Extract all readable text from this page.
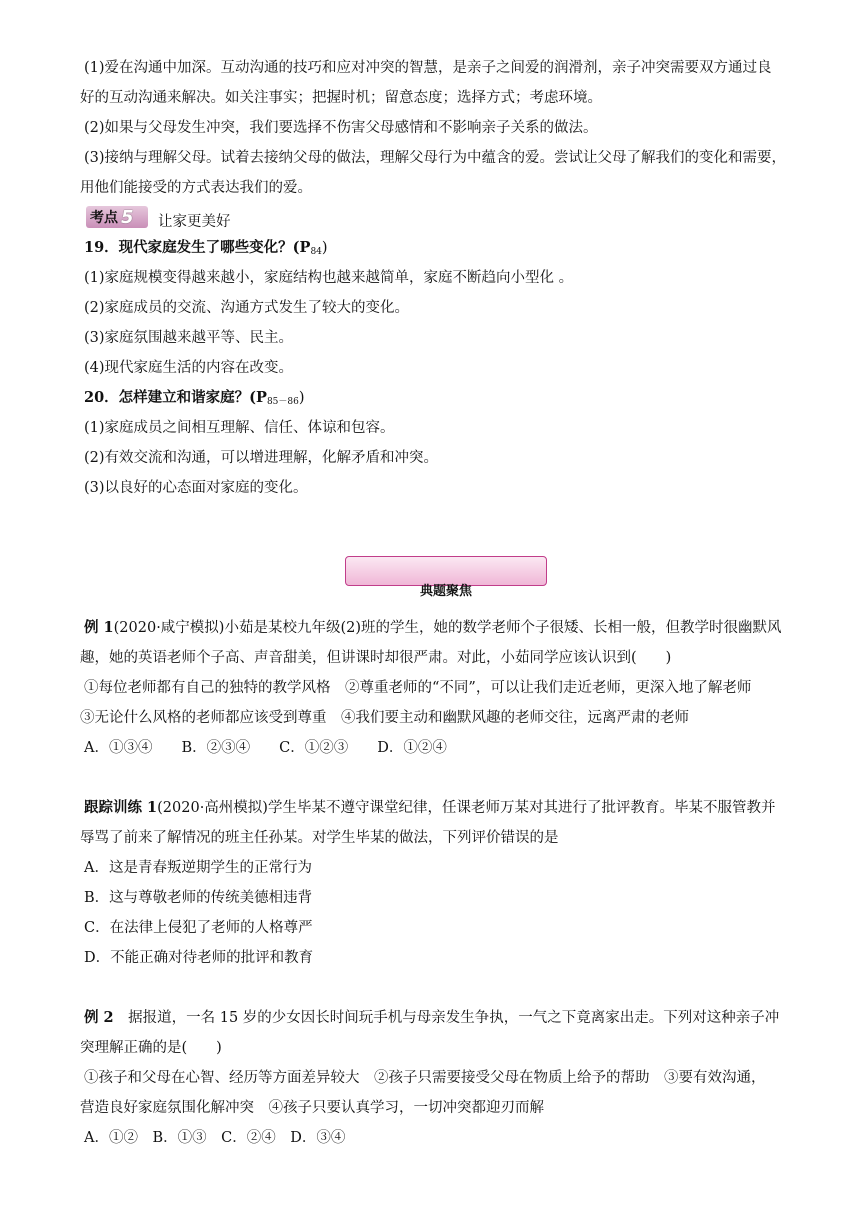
(1)爱在沟通中加深。互动沟通的技巧和应对冲突的智慧，是亲子之间爱的润滑剂，亲子冲突需要双方通过良
好的互动沟通来解决。如关注事实；把握时机；留意态度；选择方式；考虑环境。
(2)如果与父母发生冲突，我们要选择不伤害父母感情和不影响亲子关系的做法。
(3)接纳与理解父母。试着去接纳父母的做法，理解父母行为中蕴含的爱。尝试让父母了解我们的变化和需要，
用他们能接受的方式表达我们的爱。
考点 5 让家更美好
19．现代家庭发生了哪些变化？$(P_{84})$
(1)家庭规模变得越来越小，家庭结构也越来越简单，家庭不断趋向小型化 。
(2)家庭成员的交流、沟通方式发生了较大的变化。
(3)家庭氛围越来越平等、民主。
(4)现代家庭生活的内容在改变。
20．怎样建立和谐家庭？$(P_{85-86})$
(1)家庭成员之间相互理解、信任、体谅和包容。
(2)有效交流和沟通，可以增进理解，化解矛盾和冲突。
(3)以良好的心态面对家庭的变化。
典题聚焦
例 1(2020·咸宁模拟)小茹是某校九年级(2)班的学生，她的数学老师个子很矮、长相一般，但教学时很幽默风
趣，她的英语老师个子高、声音甜美，但讲课时却很严肃。对此，小茹同学应该认识到(　　)
①每位老师都有自己的独特的教学风格　②尊重老师的“不同”，可以让我们走近老师，更深入地了解老师
③无论什么风格的老师都应该受到尊重　④我们要主动和幽默风趣的老师交往，远离严肃的老师
A．①③④　　B．②③④　　C．①②③　　D．①②④
跟踪训练 1(2020·高州模拟)学生毕某不遵守课堂纪律，任课老师万某对其进行了批评教育。毕某不服管教并
辱骂了前来了解情况的班主任孙某。对学生毕某的做法，下列评价错误的是
A．这是青春叛逆期学生的正常行为
B．这与尊敬老师的传统美德相违背
C．在法律上侵犯了老师的人格尊严
D．不能正确对待老师的批评和教育
例 2　据报道，一名 15 岁的少女因长时间玩手机与母亲发生争执，一气之下竟离家出走。下列对这种亲子冲
突理解正确的是(　　)
①孩子和父母在心智、经历等方面差异较大　②孩子只需要接受父母在物质上给予的帮助　③要有效沟通，
营造良好家庭氛围化解冲突　④孩子只要认真学习，一切冲突都迎刃而解
A．①②　B．①③　C．②④　D．③④
